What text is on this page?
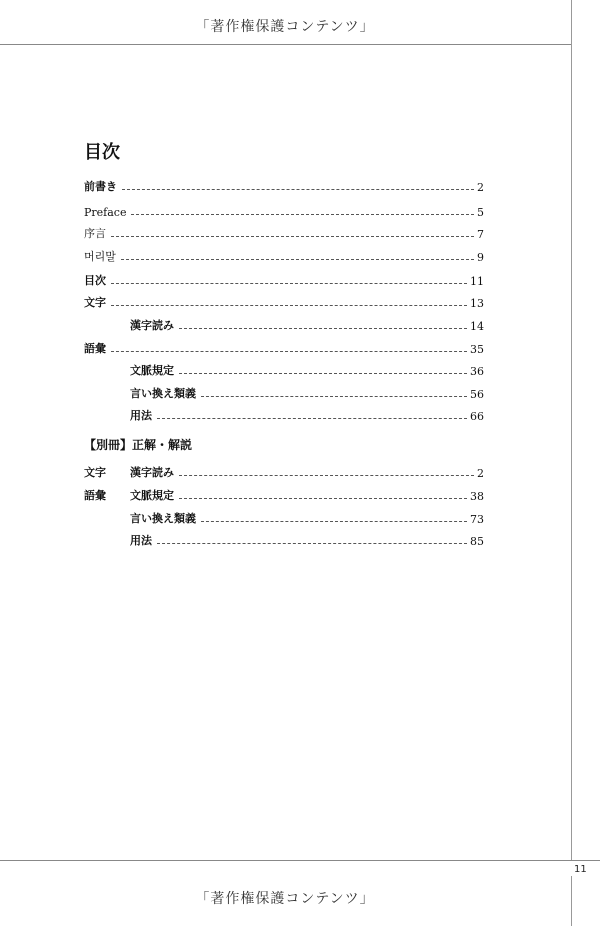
「著作権保護コンテンツ」
目次
前書き	2
Preface	5
序言	7
머리말	9
目次	11
文字	13
漢字読み	14
語彙	35
文脈規定	36
言い換え類義	56
用法	66
【別冊】正解・解説
文字 漢字読み	2
語彙 文脈規定	38
言い換え類義	73
用法	85
11
「著作権保護コンテンツ」
